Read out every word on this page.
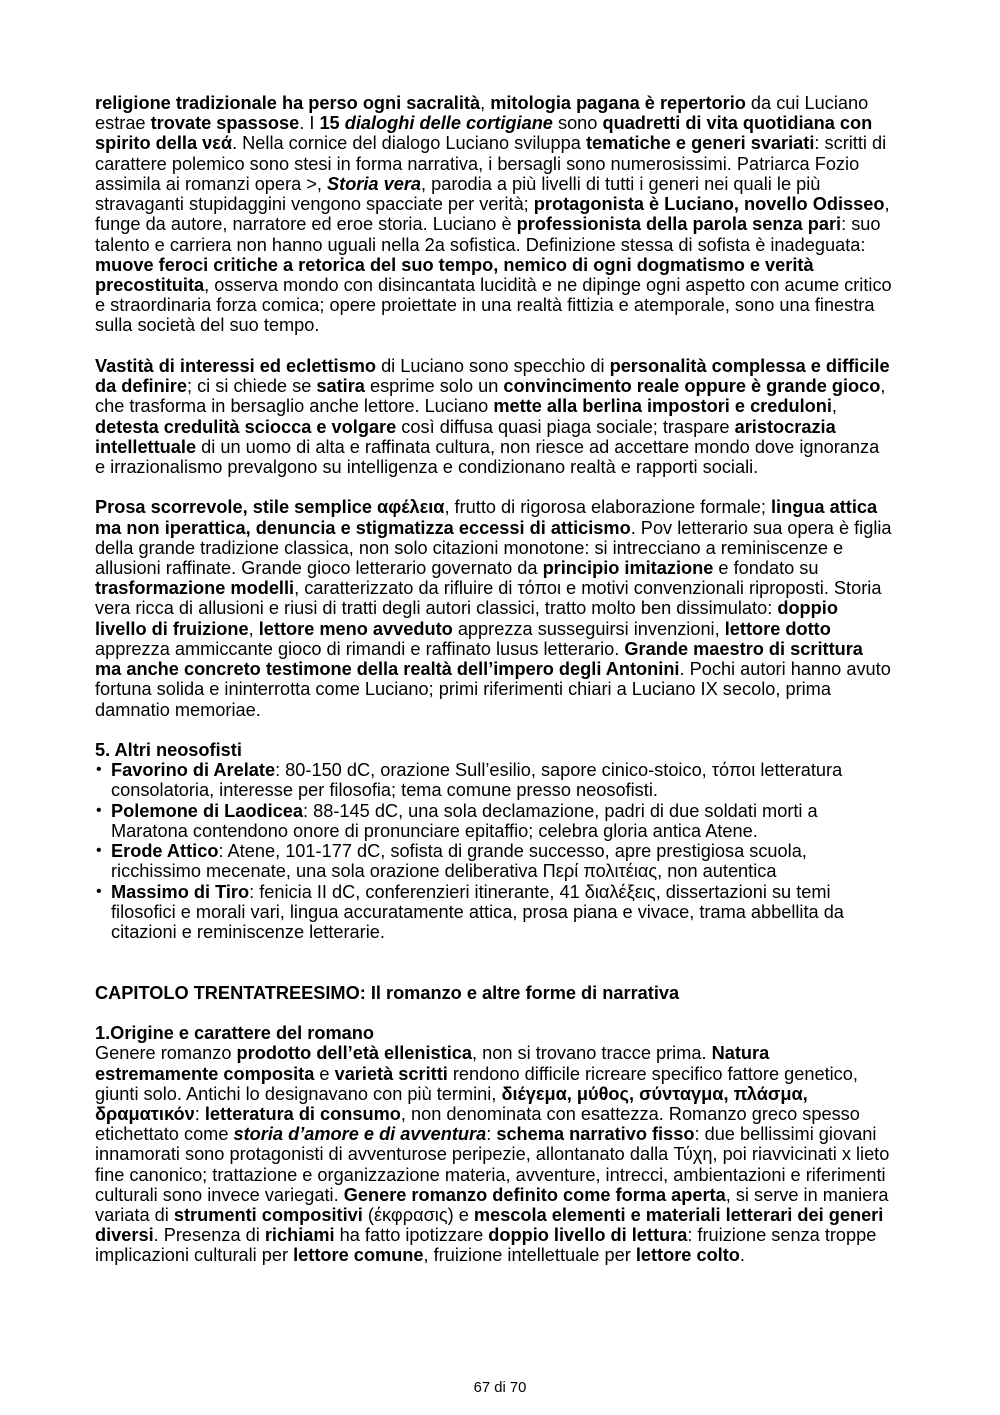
religione tradizionale ha perso ogni sacralità, mitologia pagana è repertorio da cui Luciano
estrae trovate spassose. I 15 dialoghi delle cortigiane sono quadretti di vita quotidiana con
spirito della νεά. Nella cornice del dialogo Luciano sviluppa tematiche e generi svariati: scritti di
carattere polemico sono stesi in forma narrativa, i bersagli sono numerosissimi. Patriarca Fozio
assimila ai romanzi opera >, Storia vera, parodia a più livelli di tutti i generi nei quali le più
stravaganti stupidaggini vengono spacciate per verità; protagonista è Luciano, novello Odisseo,
funge da autore, narratore ed eroe storia. Luciano è professionista della parola senza pari: suo
talento e carriera non hanno uguali nella 2a sofistica. Definizione stessa di sofista è inadeguata:
muove feroci critiche a retorica del suo tempo, nemico di ogni dogmatismo e verità
precostituita, osserva mondo con disincantata lucidità e ne dipinge ogni aspetto con acume critico
e straordinaria forza comica; opere proiettate in una realtà fittizia e atemporale, sono una finestra
sulla società del suo tempo.
Vastità di interessi ed eclettismo di Luciano sono specchio di personalità complessa e difficile
da definire; ci si chiede se satira esprime solo un convincimento reale oppure è grande gioco,
che trasforma in bersaglio anche lettore. Luciano mette alla berlina impostori e creduloni,
detesta credulità sciocca e volgare così diffusa quasi piaga sociale; traspare aristocrazia
intellettuale di un uomo di alta e raffinata cultura, non riesce ad accettare mondo dove ignoranza
e irrazionalismo prevalgono su intelligenza e condizionano realtà e rapporti sociali.
Prosa scorrevole, stile semplice αφέλεια, frutto di rigorosa elaborazione formale; lingua attica
ma non iperattica, denuncia e stigmatizza eccessi di atticismo. Pov letterario sua opera è figlia
della grande tradizione classica, non solo citazioni monotone: si intrecciano a reminiscenze e
allusioni raffinate. Grande gioco letterario governato da principio imitazione e fondato su
trasformazione modelli, caratterizzato da rifluire di τόποι e motivi convenzionali riproposti. Storia
vera ricca di allusioni e riusi di tratti degli autori classici, tratto molto ben dissimulato: doppio
livello di fruizione, lettore meno avveduto apprezza susseguirsi invenzioni, lettore dotto
apprezza ammiccante gioco di rimandi e raffinato lusus letterario. Grande maestro di scrittura
ma anche concreto testimone della realtà dell’impero degli Antonini. Pochi autori hanno avuto
fortuna solida e ininterrotta come Luciano; primi riferimenti chiari a Luciano IX secolo, prima
damnatio memoriae.
5. Altri neosofisti
• Favorino di Arelate: 80-150 dC, orazione Sull’esilio, sapore cinico-stoico, τόποι letteratura
consolatoria, interesse per filosofia; tema comune presso neosofisti.
• Polemone di Laodicea: 88-145 dC, una sola declamazione, padri di due soldati morti a
Maratona contendono onore di pronunciare epitaffio; celebra gloria antica Atene.
• Erode Attico: Atene, 101-177 dC, sofista di grande successo, apre prestigiosa scuola,
ricchissimo mecenate, una sola orazione deliberativa Περί πολιτέιας, non autentica
• Massimo di Tiro: fenicia II dC, conferenzieri itinerante, 41 διαλέξεις, dissertazioni su temi
filosofici e morali vari, lingua accuratamente attica, prosa piana e vivace, trama abbellita da
citazioni e reminiscenze letterarie.
CAPITOLO TRENTATREESIMO: Il romanzo e altre forme di narrativa
1.Origine e carattere del romano
Genere romanzo prodotto dell’età ellenistica, non si trovano tracce prima. Natura
estremamente composita e varietà scritti rendono difficile ricreare specifico fattore genetico,
giunti solo. Antichi lo designavano con più termini, διέγεμα, μύθος, σύνταγμα, πλάσμα,
δραματικόν: letteratura di consumo, non denominata con esattezza. Romanzo greco spesso
etichettato come storia d’amore e di avventura: schema narrativo fisso: due bellissimi giovani
innamorati sono protagonisti di avventurose peripezie, allontanato dalla Τύχη, poi riavvicinati x lieto
fine canonico; trattazione e organizzazione materia, avventure, intrecci, ambientazioni e riferimenti
culturali sono invece variegati. Genere romanzo definito come forma aperta, si serve in maniera
variata di strumenti compositivi (έκφρασις) e mescola elementi e materiali letterari dei generi
diversi. Presenza di richiami ha fatto ipotizzare doppio livello di lettura: fruizione senza troppe
implicazioni culturali per lettore comune, fruizione intellettuale per lettore colto.
67 di 70
